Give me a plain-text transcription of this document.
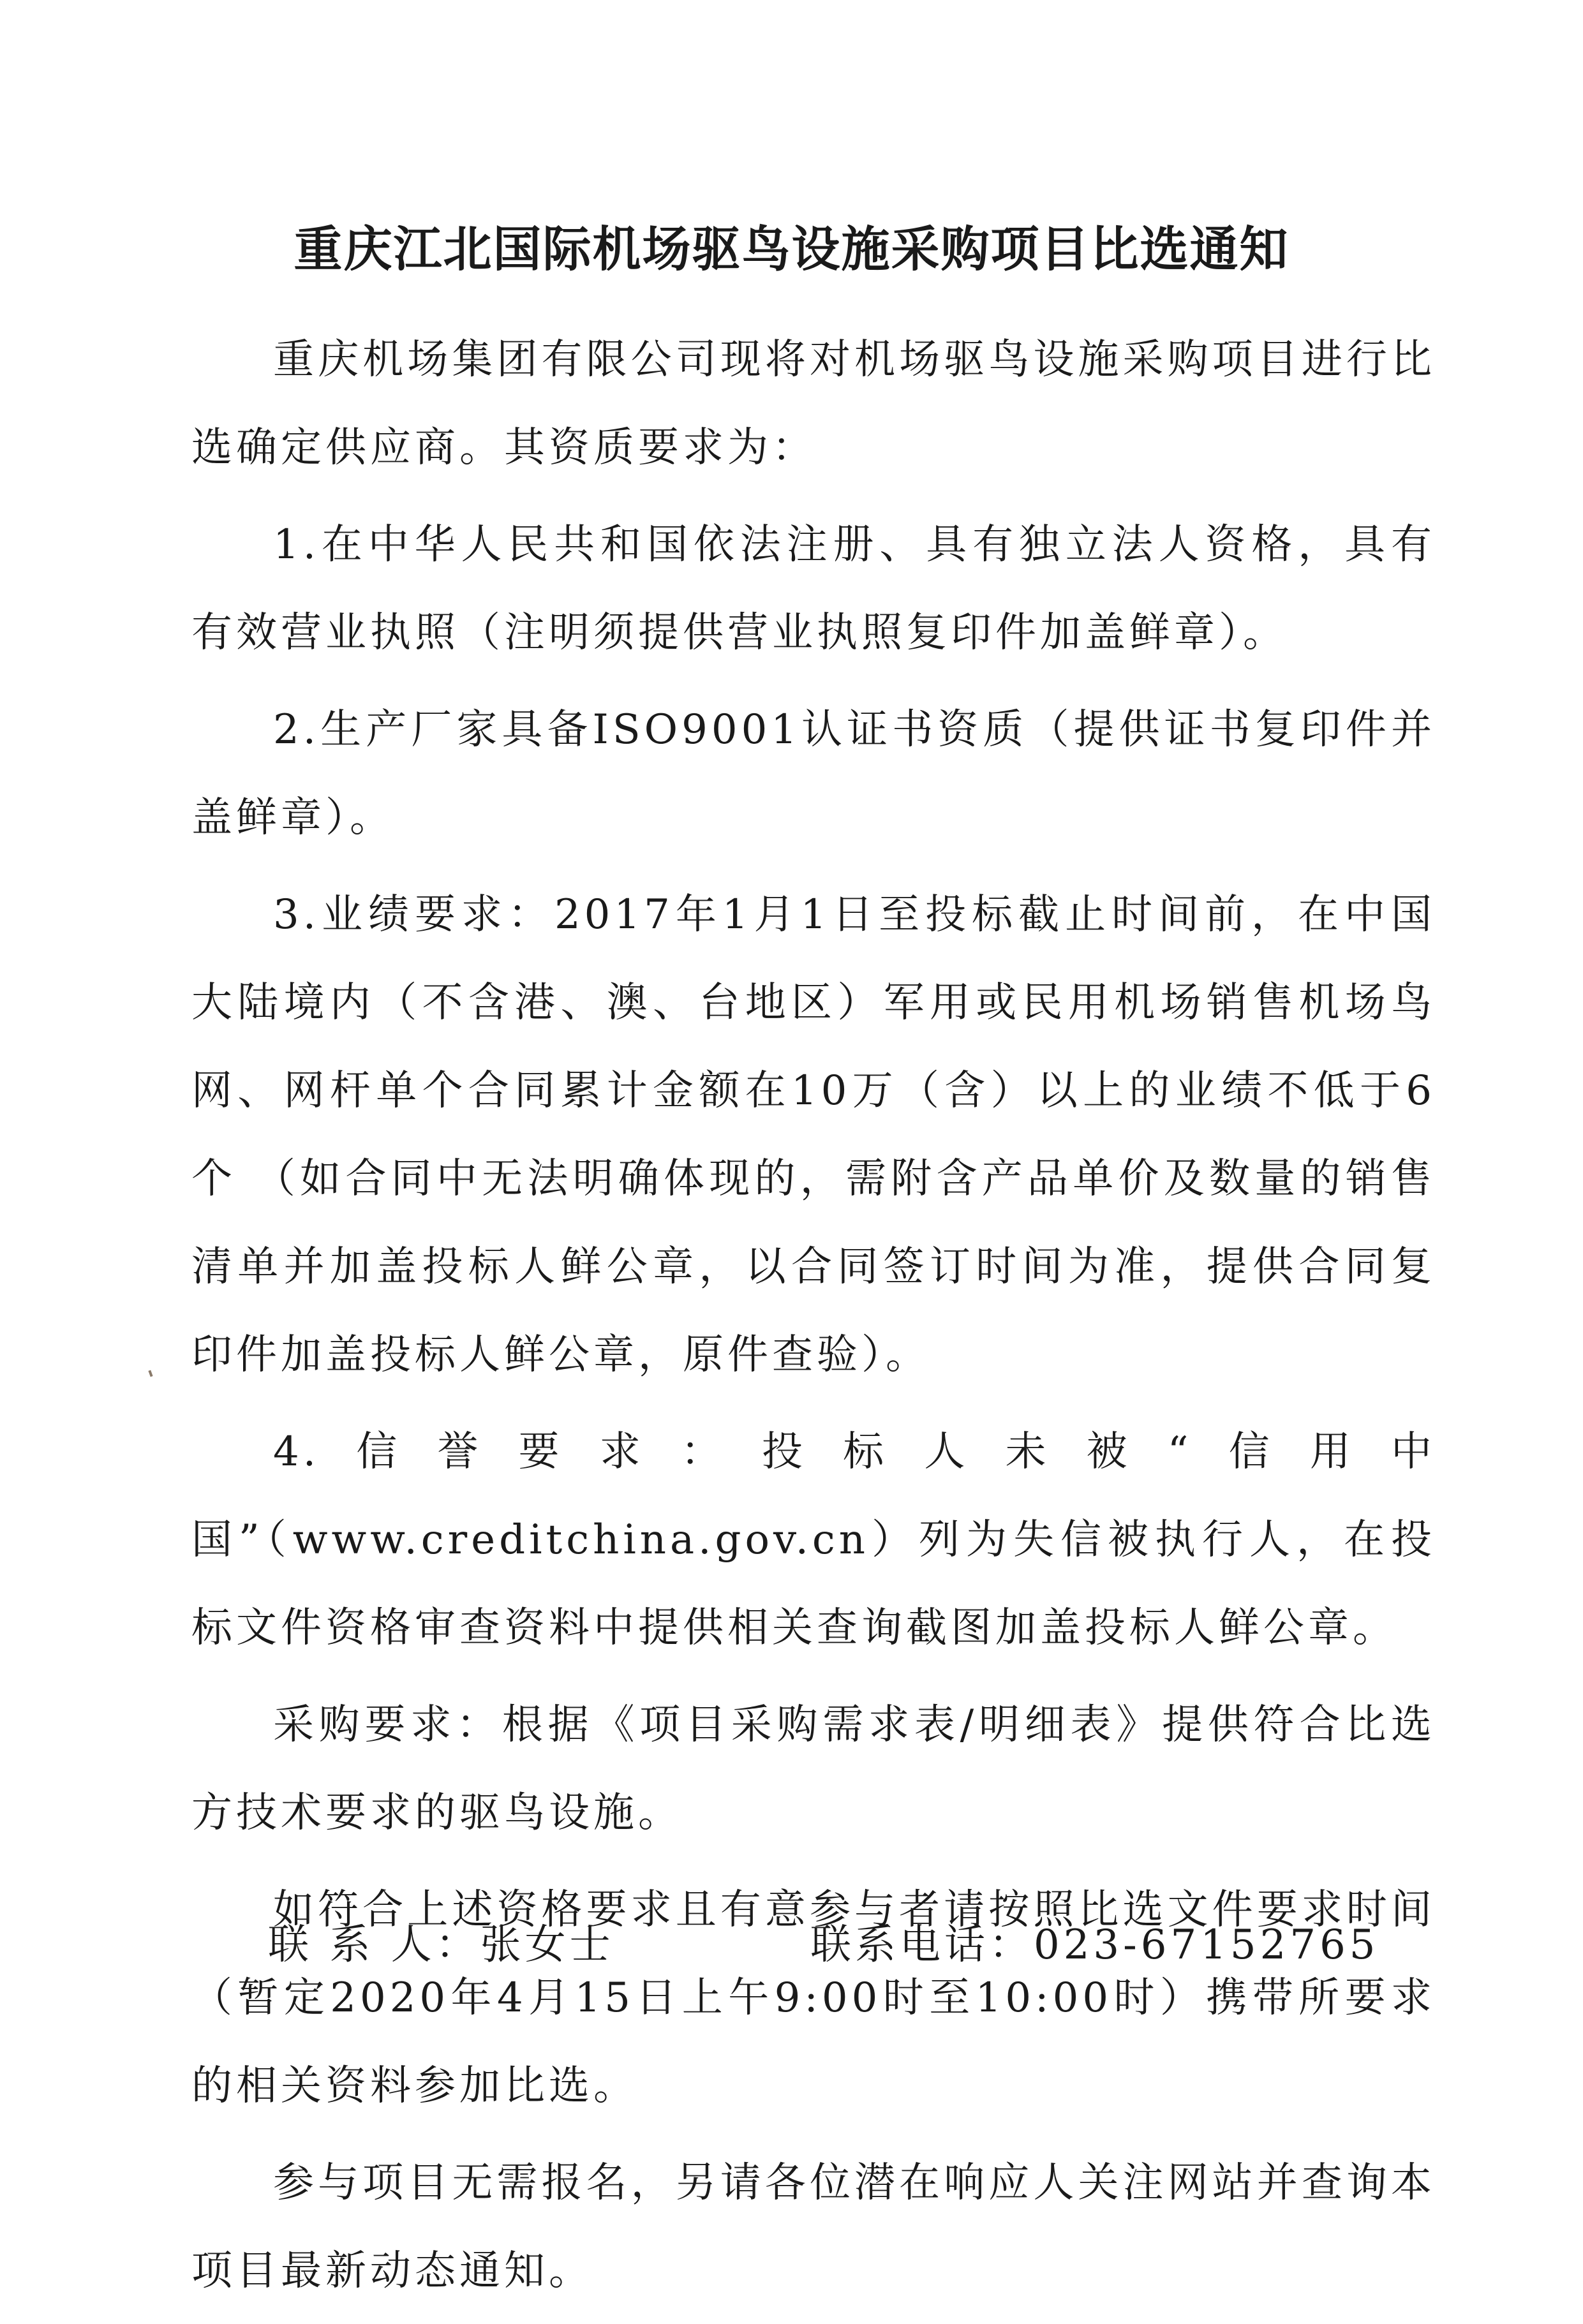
重庆江北国际机场驱鸟设施采购项目比选通知

重庆机场集团有限公司现将对机场驱鸟设施采购项目进行比选确定供应商。其资质要求为：

1.在中华人民共和国依法注册、具有独立法人资格，具有有效营业执照（注明须提供营业执照复印件加盖鲜章）。

2.生产厂家具备ISO9001认证书资质（提供证书复印件并盖鲜章）。

3.业绩要求：2017年1月1日至投标截止时间前，在中国大陆境内（不含港、澳、台地区）军用或民用机场销售机场鸟网、网杆单个合同累计金额在10万（含）以上的业绩不低于6个 （如合同中无法明确体现的，需附含产品单价及数量的销售清单并加盖投标人鲜公章，以合同签订时间为准，提供合同复印件加盖投标人鲜公章，原件查验）。

4.信誉要求：投标人未被“信用中国”（www.creditchina.gov.cn）列为失信被执行人，在投标文件资格审查资料中提供相关查询截图加盖投标人鲜公章。

采购要求：根据《项目采购需求表/明细表》提供符合比选方技术要求的驱鸟设施。

如符合上述资格要求且有意参与者请按照比选文件要求时间（暂定2020年4月15日上午9:00时至10:00时）携带所要求的相关资料参加比选。

参与项目无需报名，另请各位潜在响应人关注网站并查询本项目最新动态通知。

联 系 人：张女士	联系电话：023-67152765
